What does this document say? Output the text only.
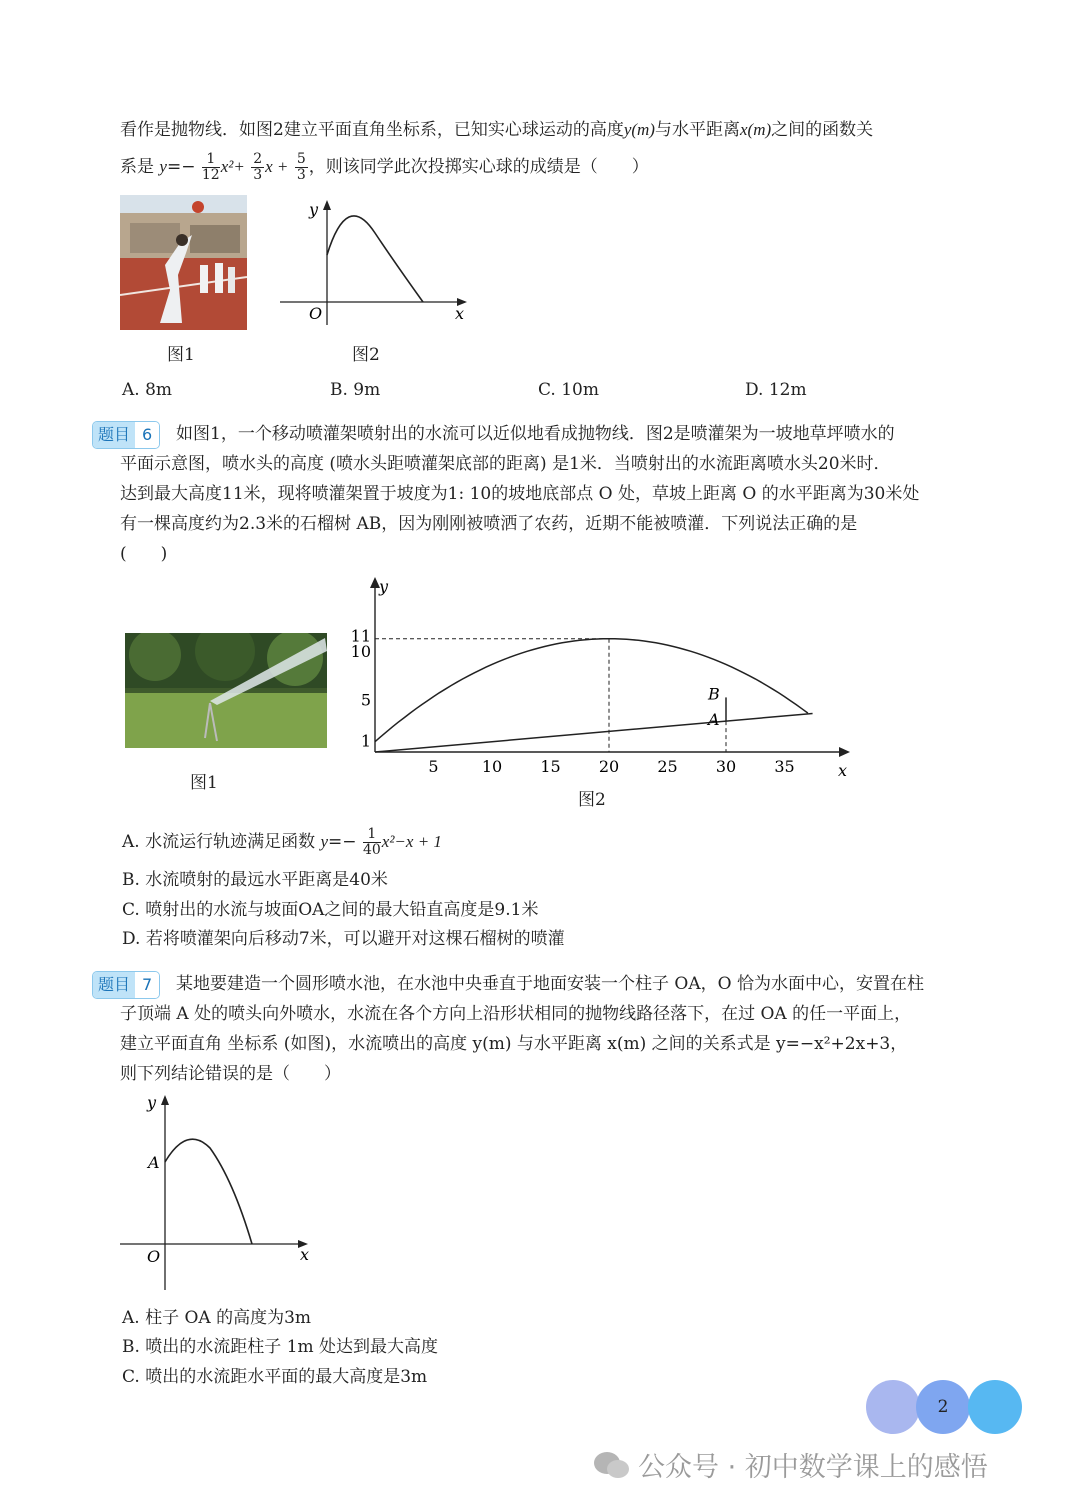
看作是抛物线．如图2建立平面直角坐标系，已知实心球运动的高度y(m)与水平距离x(m)之间的函数关
系是 $y=- \frac{1}{12} x^2+ \frac{2}{3}$ $x + \frac{5}{3}$ ，则该同学此次投掷实心球的成绩是（　　）
y
x
O
图1	图2
A. 8m	B. 9m	C. 10m	D. 12m
题目 6	如图1，一个移动喷灌架喷射出的水流可以近似地看成抛物线．图2是喷灌架为一坡地草坪喷水的
平面示意图，喷水头的高度 (喷水头距喷灌架底部的距离) 是1米．当喷射出的水流距离喷水头20米时．
达到最大高度11米，现将喷灌架置于坡度为1: 10的坡地底部点 O 处，草坡上距离 O 的水平距离为30米处
有一棵高度约为2.3米的石榴树 AB，因为刚刚被喷洒了农药，近期不能被喷灌．下列说法正确的是
(　　)
图1
y
x
5	10 15 20 25 30 35
1
5
10
11
B
A
图2
A. 水流运行轨迹满足函数 $y=- \frac{1}{40} x^2-x + 1$
B. 水流喷射的最远水平距离是40米
C. 喷射出的水流与坡面OA之间的最大铅直高度是9.1米
D. 若将喷灌架向后移动7米，可以避开对这棵石榴树的喷灌
题目 7	某地要建造一个圆形喷水池，在水池中央垂直于地面安装一个柱子 OA，O 恰为水面中心，安置在柱
子顶端 A 处的喷头向外喷水，水流在各个方向上沿形状相同的抛物线路径落下，在过 OA 的任一平面上，
建立平面直角 坐标系 (如图)，水流喷出的高度 y(m) 与水平距离 x(m) 之间的关系式是 y=−x²+2x+3，
则下列结论错误的是（　　）
y
x
O
A
A. 柱子 OA 的高度为3m
B. 喷出的水流距柱子 1m 处达到最大高度
C. 喷出的水流距水平面的最大高度是3m
2
公众号 · 初中数学课上的感悟
